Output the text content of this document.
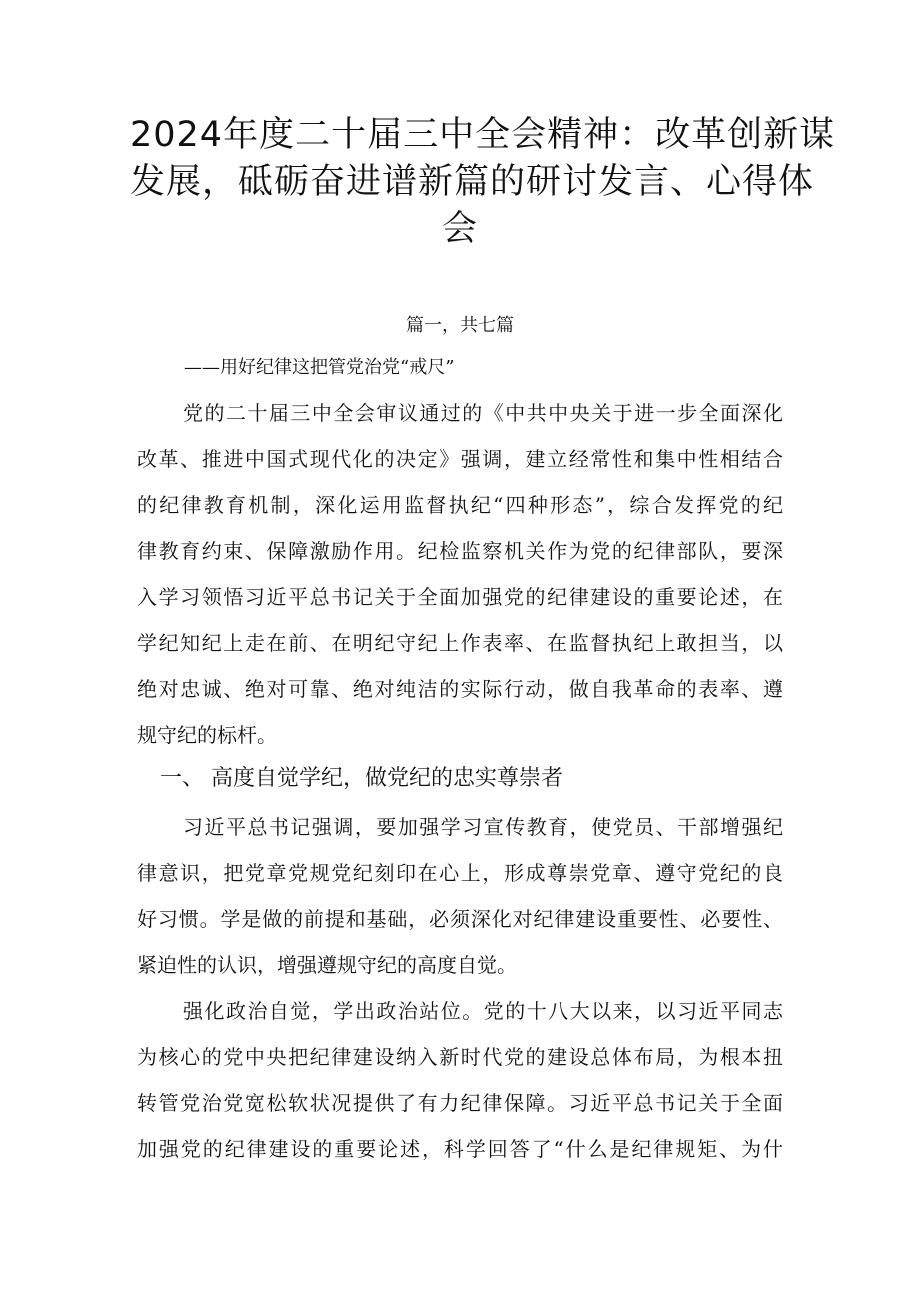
2024年度二十届三中全会精神：改革创新谋
发展，砥砺奋进谱新篇的研讨发言、心得体
会
篇一，共七篇
——用好纪律这把管党治党“戒尺”
党的二十届三中全会审议通过的《中共中央关于进一步全面深化
改革、推进中国式现代化的决定》强调，建立经常性和集中性相结合
的纪律教育机制，深化运用监督执纪“四种形态”，综合发挥党的纪
律教育约束、保障激励作用。纪检监察机关作为党的纪律部队，要深
入学习领悟习近平总书记关于全面加强党的纪律建设的重要论述，在
学纪知纪上走在前、在明纪守纪上作表率、在监督执纪上敢担当，以
绝对忠诚、绝对可靠、绝对纯洁的实际行动，做自我革命的表率、遵
规守纪的标杆。
一、 高度自觉学纪，做党纪的忠实尊崇者
习近平总书记强调，要加强学习宣传教育，使党员、干部增强纪
律意识，把党章党规党纪刻印在心上，形成尊崇党章、遵守党纪的良
好习惯。学是做的前提和基础，必须深化对纪律建设重要性、必要性、
紧迫性的认识，增强遵规守纪的高度自觉。
强化政治自觉，学出政治站位。党的十八大以来，以习近平同志
为核心的党中央把纪律建设纳入新时代党的建设总体布局，为根本扭
转管党治党宽松软状况提供了有力纪律保障。习近平总书记关于全面
加强党的纪律建设的重要论述，科学回答了“什么是纪律规矩、为什
